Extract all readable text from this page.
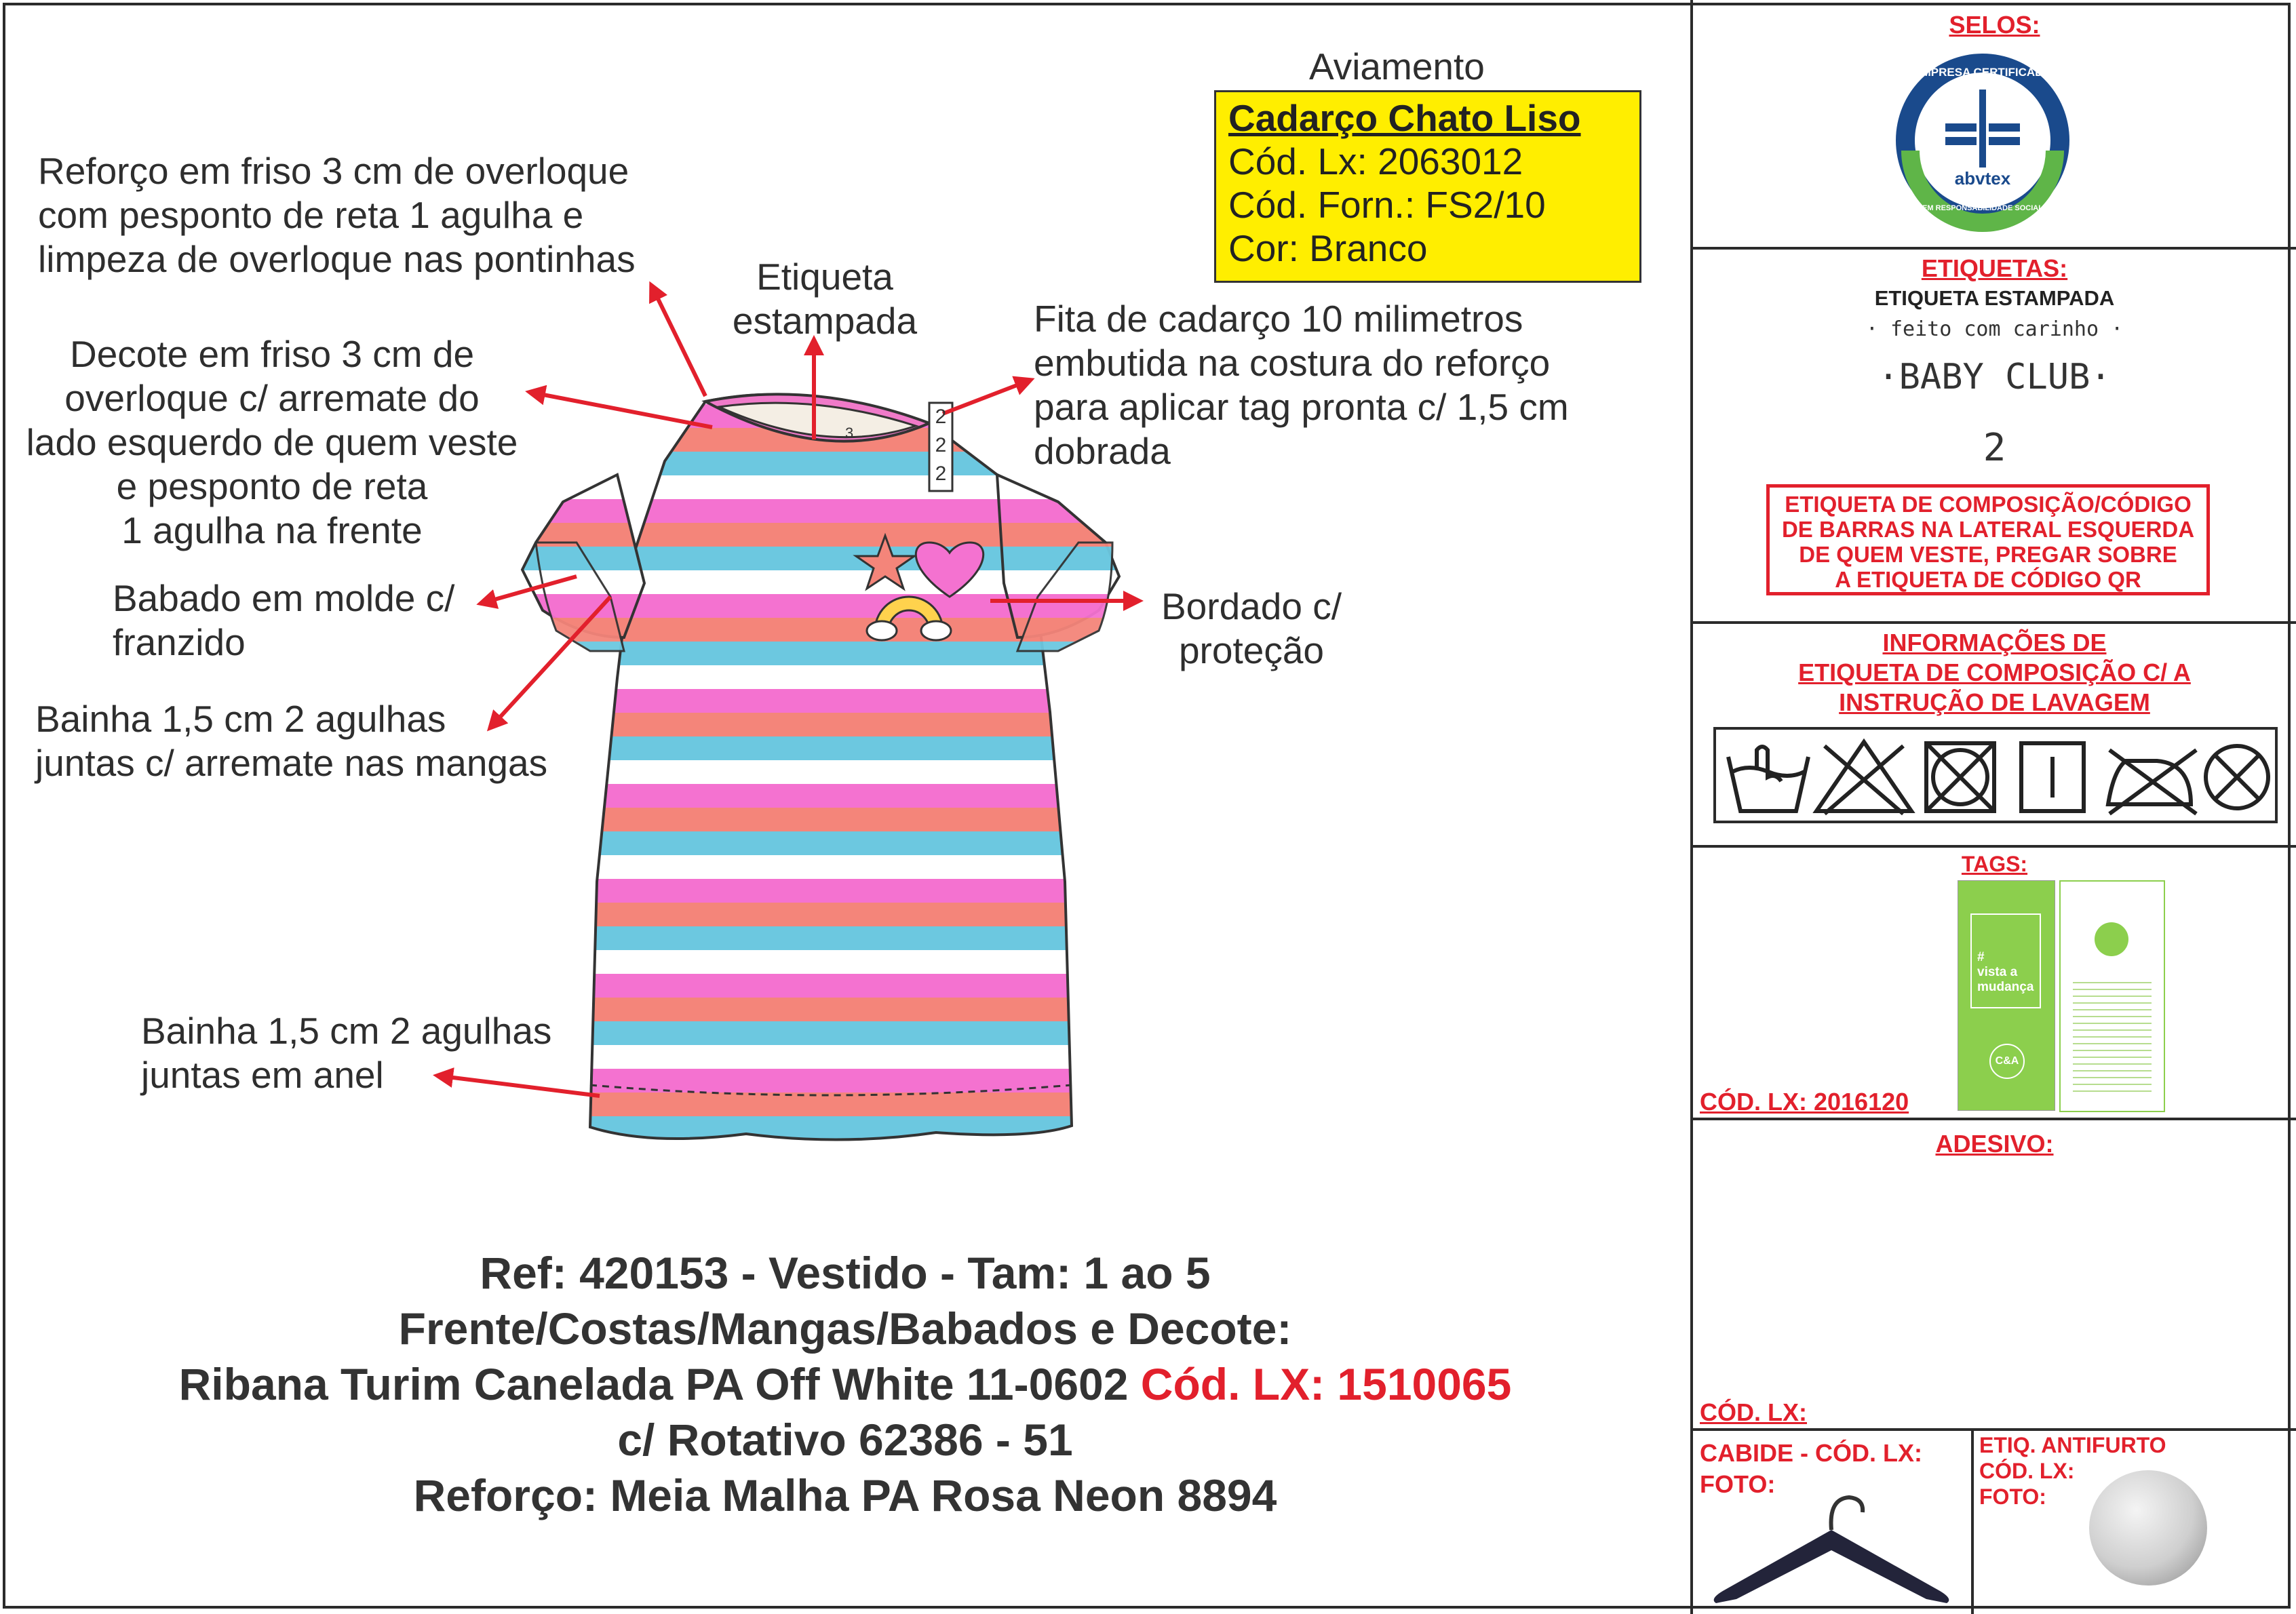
Aviamento
Cadarço Chato Liso
Cód. Lx: 2063012
Cód. Forn.: FS2/10
Cor: Branco
Reforço em friso 3 cm de overloque
com pesponto de reta 1 agulha e
limpeza de overloque nas pontinhas	Etiqueta
estampada	Fita de cadarço 10 milimetros
embutida na costura do reforço
para aplicar tag pronta c/ 1,5 cm
dobrada
Decote em friso 3 cm de
overloque c/ arremate do
lado esquerdo de quem veste
e pesponto de reta
1 agulha na frente
Babado em molde c/
franzido
Bordado c/
proteção
Bainha 1,5 cm 2 agulhas
juntas c/ arremate nas mangas
Bainha 1,5 cm 2 agulhas
juntas em anel
2
2
2
3
Ref: 420153 - Vestido - Tam: 1 ao 5
Frente/Costas/Mangas/Babados e Decote:
Ribana Turim Canelada PA Off White 11-0602 Cód. LX: 1510065
c/ Rotativo 62386 - 51
Reforço: Meia Malha PA Rosa Neon 8894
SELOS:
abvtex
EMPRESA CERTIFICADA
EM RESPONSABILIDADE SOCIAL
ETIQUETAS:
ETIQUETA ESTAMPADA
· feito com carinho ·
·BABY CLUB·
2
ETIQUETA DE COMPOSIÇÃO/CÓDIGO
DE BARRAS NA LATERAL ESQUERDA
DE QUEM VESTE, PREGAR SOBRE
A ETIQUETA DE CÓDIGO QR
INFORMAÇÕES DE
ETIQUETA DE COMPOSIÇÃO C/ A
INSTRUÇÃO DE LAVAGEM
TAGS:
#
vista a
mudança
C&A
CÓD. LX: 2016120
ADESIVO:
CÓD. LX:
CABIDE - CÓD. LX:
FOTO:
ETIQ. ANTIFURTO
CÓD. LX:
FOTO:
